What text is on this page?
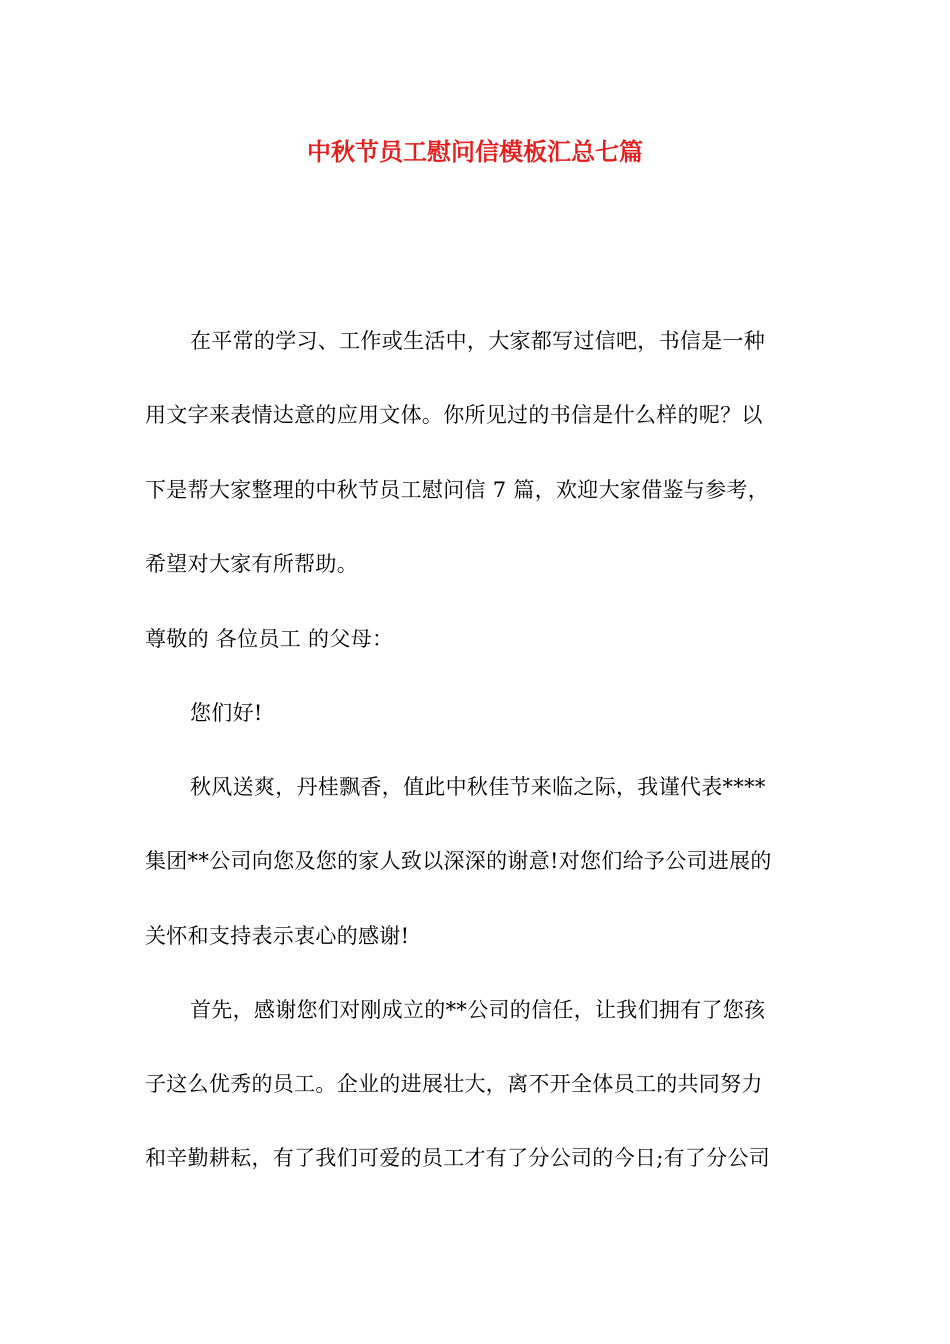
中秋节员工慰问信模板汇总七篇
在平常的学习、工作或生活中，大家都写过信吧，书信是一种
用文字来表情达意的应用文体。你所见过的书信是什么样的呢？以
下是帮大家整理的中秋节员工慰问信 7 篇，欢迎大家借鉴与参考，
希望对大家有所帮助。
尊敬的 各位员工 的父母：
您们好!
秋风送爽，丹桂飘香，值此中秋佳节来临之际，我谨代表****
集团**公司向您及您的家人致以深深的谢意!对您们给予公司进展的
关怀和支持表示衷心的感谢!
首先，感谢您们对刚成立的**公司的信任，让我们拥有了您孩
子这么优秀的员工。企业的进展壮大，离不开全体员工的共同努力
和辛勤耕耘，有了我们可爱的员工才有了分公司的今日;有了分公司
